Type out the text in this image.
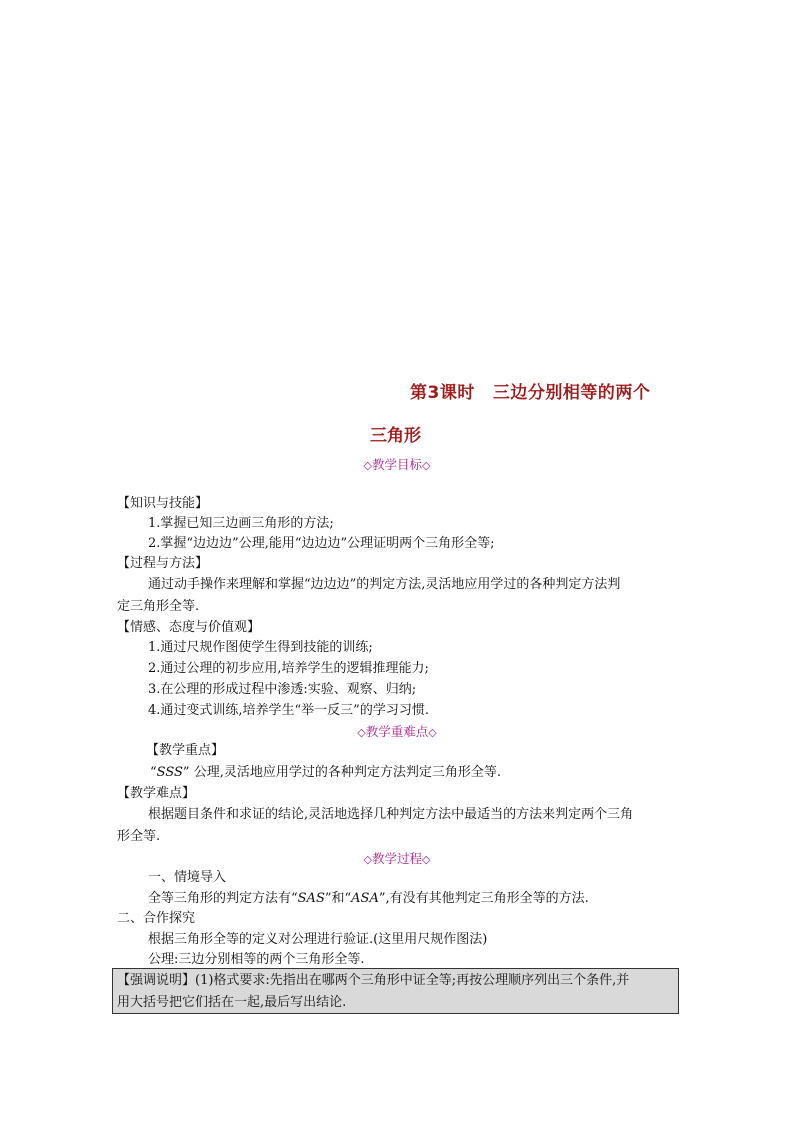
第3课时 三边分别相等的两个
三角形
◇教学目标◇
【知识与技能】
1.掌握已知三边画三角形的方法;
2.掌握“边边边”公理,能用“边边边”公理证明两个三角形全等;
【过程与方法】
通过动手操作来理解和掌握“边边边”的判定方法,灵活地应用学过的各种判定方法判
定三角形全等.
【情感、态度与价值观】
1.通过尺规作图使学生得到技能的训练;
2.通过公理的初步应用,培养学生的逻辑推理能力;
3.在公理的形成过程中渗透:实验、观察、归纳;
4.通过变式训练,培养学生“举一反三”的学习习惯.
◇教学重难点◇
【教学重点】
“SSS” 公理,灵活地应用学过的各种判定方法判定三角形全等.
【教学难点】
根据题目条件和求证的结论,灵活地选择几种判定方法中最适当的方法来判定两个三角
形全等.
◇教学过程◇
一、情境导入
全等三角形的判定方法有“SAS”和“ASA”,有没有其他判定三角形全等的方法.
二、合作探究
根据三角形全等的定义对公理进行验证.(这里用尺规作图法)
公理:三边分别相等的两个三角形全等.
【强调说明】(1)格式要求:先指出在哪两个三角形中证全等;再按公理顺序列出三个条件,并
用大括号把它们括在一起,最后写出结论.
